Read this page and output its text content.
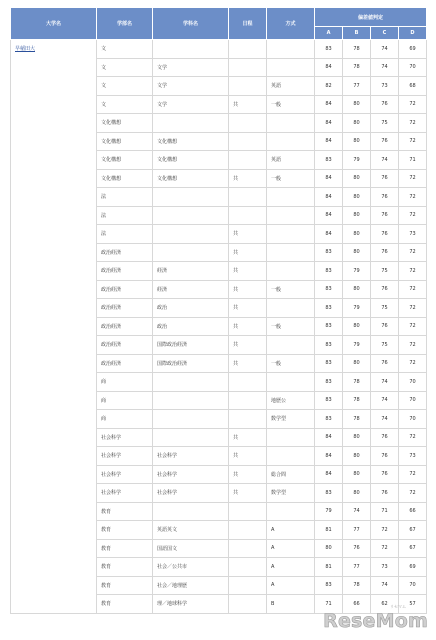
大学名	学部名	学科名	日程	方式	偏差値判定			
					A	B	C	D
早稲田大	文				83	78	74	69
	文	文学			84	78	74	70
	文	文学		英語	82	77	73	68
	文	文学	共	一般	84	80	76	72
	文化構想				84	80	75	72
	文化構想	文化構想			84	80	76	72
	文化構想	文化構想		英語	83	79	74	71
	文化構想	文化構想	共	一般	84	80	76	72
	法				84	80	76	72
	法				84	80	76	72
	法		共		84	80	76	73
	政治経済		共		83	80	76	72
	政治経済	経済	共		83	79	75	72
	政治経済	経済	共	一般	83	80	76	72
	政治経済	政治	共		83	79	75	72
	政治経済	政治	共	一般	83	80	76	72
	政治経済	国際政治経済	共		83	79	75	72
	政治経済	国際政治経済	共	一般	83	80	76	72
	商				83	78	74	70
	商			地歴公	83	78	74	70
	商			数学型	83	78	74	70
	社会科学		共		84	80	76	72
	社会科学	社会科学	共		84	80	76	73
	社会科学	社会科学	共	総合問	84	80	76	72
	社会科学	社会科学	共	数学型	83	80	76	72
	教育				79	74	71	66
	教育	英語英文		A	81	77	72	67
	教育	国語国文		A	80	76	72	67
	教育	社会／公共市		A	81	77	73	69
	教育	社会／地理歴		A	83	78	74	70
	教育	理／地球科学		B	71	66	62	57
リセマム
ReseMom
